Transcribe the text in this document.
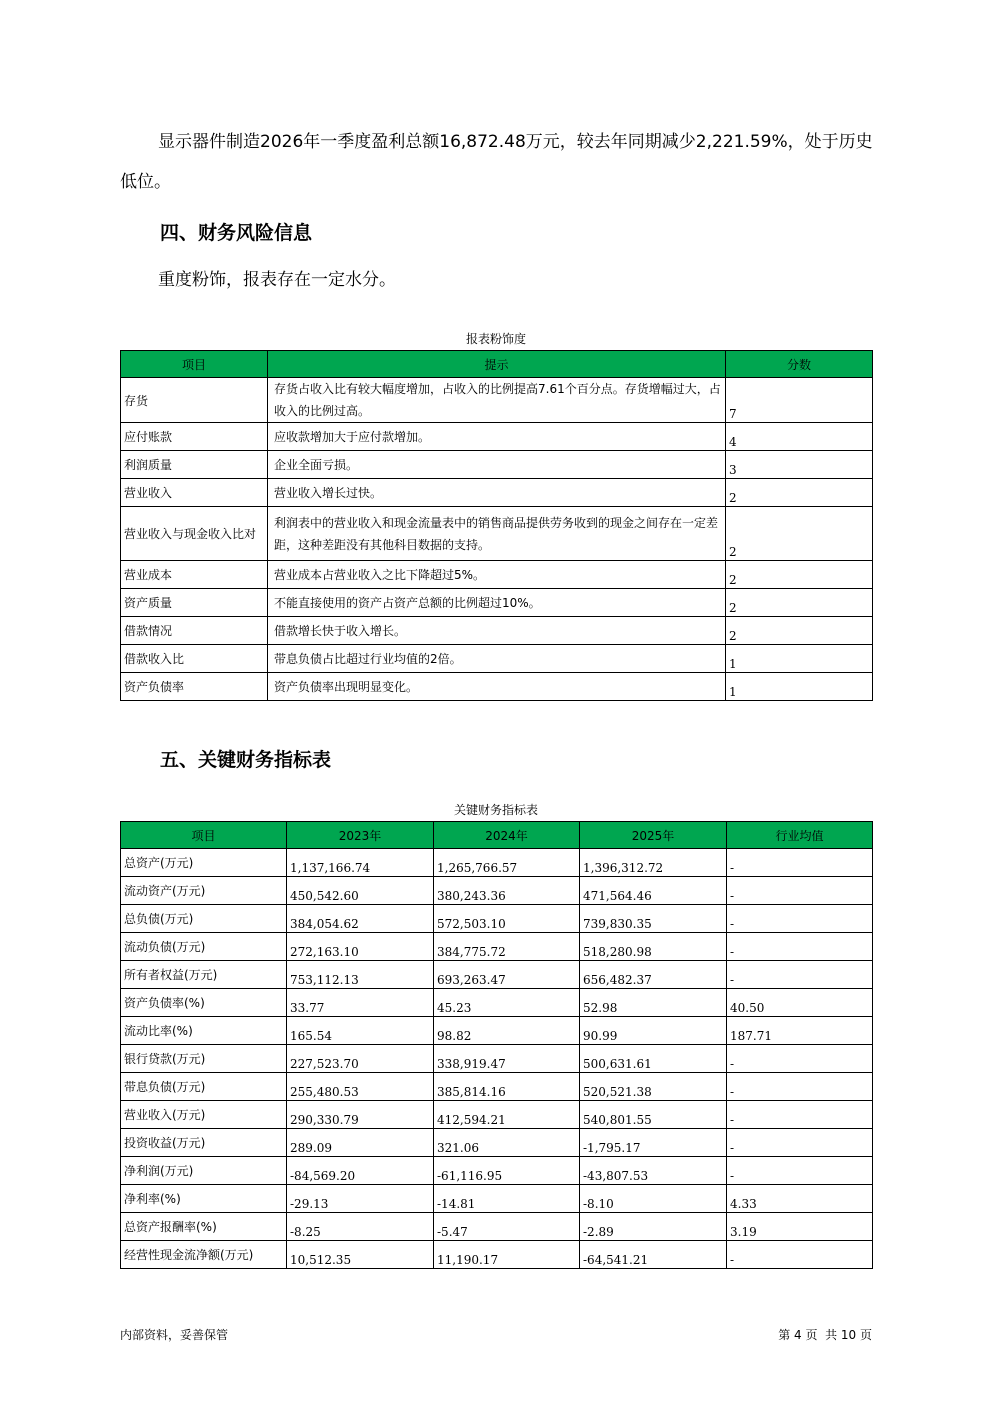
显示器件制造2026年一季度盈利总额16,872.48万元，较去年同期减少2,221.59%，处于历史
低位。

四、财务风险信息

重度粉饰，报表存在一定水分。

报表粉饰度

项目	提示	分数
存货	存货占收入比有较大幅度增加，占收入的比例提高7.61个百分点。存货增幅过大，占收入的比例过高。	7
应付账款	应收款增加大于应付款增加。	4
利润质量	企业全面亏损。	3
营业收入	营业收入增长过快。	2
营业收入与现金收入比对	利润表中的营业收入和现金流量表中的销售商品提供劳务收到的现金之间存在一定差距，这种差距没有其他科目数据的支持。	2
营业成本	营业成本占营业收入之比下降超过5%。	2
资产质量	不能直接使用的资产占资产总额的比例超过10%。	2
借款情况	借款增长快于收入增长。	2
借款收入比	带息负债占比超过行业均值的2倍。	1
资产负债率	资产负债率出现明显变化。	1
五、关键财务指标表

关键财务指标表

项目	2023年	2024年	2025年	行业均值
总资产(万元)	1,137,166.74	1,265,766.57	1,396,312.72	-
流动资产(万元)	450,542.60	380,243.36	471,564.46	-
总负债(万元)	384,054.62	572,503.10	739,830.35	-
流动负债(万元)	272,163.10	384,775.72	518,280.98	-
所有者权益(万元)	753,112.13	693,263.47	656,482.37	-
资产负债率(%)	33.77	45.23	52.98	40.50
流动比率(%)	165.54	98.82	90.99	187.71
银行贷款(万元)	227,523.70	338,919.47	500,631.61	-
带息负债(万元)	255,480.53	385,814.16	520,521.38	-
营业收入(万元)	290,330.79	412,594.21	540,801.55	-
投资收益(万元)	289.09	321.06	-1,795.17	-
净利润(万元)	-84,569.20	-61,116.95	-43,807.53	-
净利率(%)	-29.13	-14.81	-8.10	4.33
总资产报酬率(%)	-8.25	-5.47	-2.89	3.19
经营性现金流净额(万元)	10,512.35	11,190.17	-64,541.21	-

内部资料，妥善保管	第 4 页  共 10 页
